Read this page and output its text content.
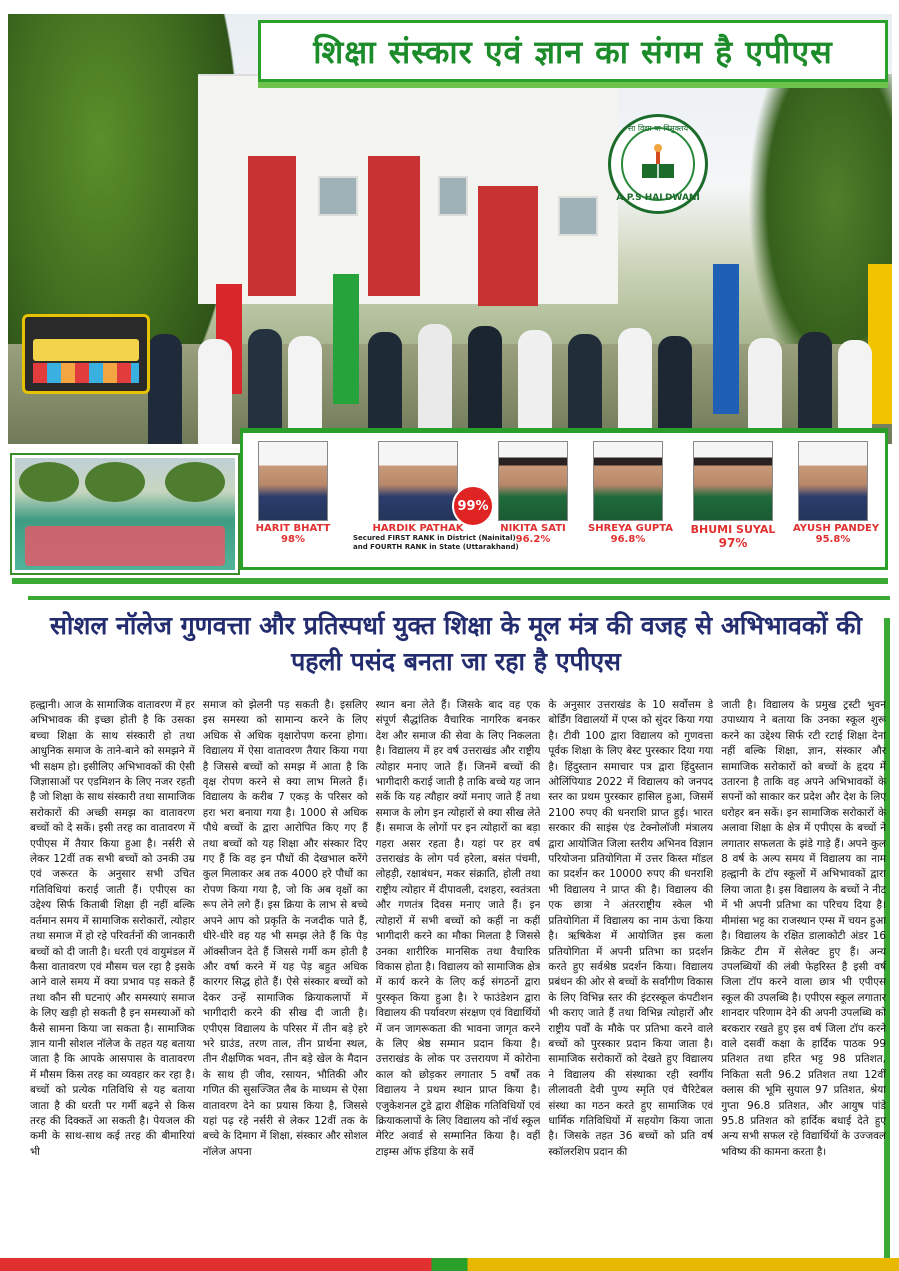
सा विद्या या विमुक्तये
A.P.S HALDWANI
शिक्षा संस्कार एवं ज्ञान का संगम है एपीएस
HARIT BHATT
98%
HARDIK PATHAK
Secured FIRST RANK in District (Nainital)
and FOURTH RANK in State (Uttarakhand)
NIKITA SATI
96.2%
SHREYA GUPTA
96.8%
BHUMI SUYAL
97%
AYUSH PANDEY
95.8%
99%
सोशल नॉलेज गुणवत्ता और प्रतिस्पर्धा युक्त शिक्षा के मूल मंत्र की वजह से अभिभावकों की पहली पसंद बनता जा रहा है एपीएस
हल्द्वानी। आज के सामाजिक वातावरण में हर अभिभावक की इच्छा होती है कि उसका बच्चा शिक्षा के साथ संस्कारी हो तथा आधुनिक समाज के ताने-बाने को समझने में भी सक्षम हो। इसीलिए अभिभावकों की ऐसी जिज्ञासाओं पर एडमिशन के लिए नजर रहती है जो शिक्षा के साथ संस्कारी तथा सामाजिक सरोकारों की अच्छी समझ का वातावरण बच्चों को दे सकें। इसी तरह का वातावरण में एपीएस में तैयार किया हुआ है। नर्सरी से लेकर 12वीं तक सभी बच्चों को उनकी उम्र एवं जरूरत के अनुसार सभी उचित गतिविधियां कराई जाती हैं। एपीएस का उद्देश्य सिर्फ किताबी शिक्षा ही नहीं बल्कि वर्तमान समय में सामाजिक सरोकारों, त्योहार तथा समाज में हो रहे परिवर्तनों की जानकारी बच्चों को दी जाती है। धरती एवं वायुमंडल में कैसा वातावरण एवं मौसम चल रहा है इसके आने वाले समय में क्या प्रभाव पड़ सकते हैं तथा कौन सी घटनाएं और समस्याएं समाज के लिए खड़ी हो सकती है इन समस्याओं को कैसे सामना किया जा सकता है। सामाजिक ज्ञान यानी सोशल नॉलेज के तहत यह बताया जाता है कि आपके आसपास के वातावरण में मौसम किस तरह का व्यवहार कर रहा है। बच्चों को प्रत्येक गतिविधि से यह बताया जाता है की धरती पर गर्मी बढ़ने से किस तरह की दिक्कतें आ सकती है। पेयजल की कमी के साथ-साथ कई तरह की बीमारियां भी
समाज को झेलनी पड़ सकती है। इसलिए इस समस्या को सामान्य करने के लिए अधिक से अधिक वृक्षारोपण करना होगा। विद्यालय में ऐसा वातावरण तैयार किया गया है जिससे बच्चों को समझ में आता है कि वृक्ष रोपण करने से क्या लाभ मिलते हैं। विद्यालय के करीब 7 एकड़ के परिसर को हरा भरा बनाया गया है। 1000 से अधिक पौधे बच्चों के द्वारा आरोपित किए गए हैं तथा बच्चों को यह शिक्षा और संस्कार दिए गए हैं कि वह इन पौधों की देखभाल करेंगे कुल मिलाकर अब तक 4000 हरे पौधों का रोपण किया गया है, जो कि अब वृक्षों का रूप लेने लगे हैं। इस क्रिया के लाभ से बच्चे अपने आप को प्रकृति के नजदीक पाते हैं, धीरे-धीरे वह यह भी समझ लेते हैं कि पेड़ ऑक्सीजन देते हैं जिससे गर्मी कम होती है और वर्षा करने में यह पेड़ बहुत अधिक कारगर सिद्ध होते हैं। ऐसे संस्कार बच्चों को देकर उन्हें सामाजिक क्रियाकलापों में भागीदारी करने की सीख दी जाती है। एपीएस विद्यालय के परिसर में तीन बड़े हरे भरे ग्राउंड, तरण ताल, तीन प्रार्थना स्थल, तीन शैक्षणिक भवन, तीन बड़े खेल के मैदान के साथ ही जीव, रसायन, भौतिकी और गणित की सुसज्जित लैब के माध्यम से ऐसा वातावरण देने का प्रयास किया है, जिससे यहां पढ़ रहे नर्सरी से लेकर 12वीं तक के बच्चे के दिमाग में शिक्षा, संस्कार और सोशल नॉलेज अपना
स्थान बना लेते हैं। जिसके बाद वह एक संपूर्ण सैद्धांतिक वैचारिक नागरिक बनकर देश और समाज की सेवा के लिए निकलता है। विद्यालय में हर वर्ष उत्तराखंड और राष्ट्रीय त्योहार मनाए जाते हैं। जिनमें बच्चों की भागीदारी कराई जाती है ताकि बच्चे यह जान सकें कि यह त्यौहार क्यों मनाए जाते हैं तथा समाज के लोग इन त्योहारों से क्या सीख लेते हैं। समाज के लोगों पर इन त्योहारों का बड़ा गहरा असर रहता है। यहां पर हर वर्ष उत्तराखंड के लोग पर्व हरेला, बसंत पंचमी, लोहड़ी, रक्षाबंधन, मकर संक्राति, होली तथा राष्ट्रीय त्योहार में दीपावली, दशहरा, स्वतंत्रता और गणतंत्र दिवस मनाए जाते हैं। इन त्योहारों में सभी बच्चों को कहीं ना कहीं भागीदारी करने का मौका मिलता है जिससे उनका शारीरिक मानसिक तथा वैचारिक विकास होता है। विद्यालय को सामाजिक क्षेत्र में कार्य करने के लिए कई संगठनों द्वारा पुरस्कृत किया हुआ है। रे फाउंडेशन द्वारा विद्यालय की पर्यावरण संरक्षण एवं विद्यार्थियों में जन जागरूकता की भावना जागृत करने के लिए श्रेष्ठ सम्मान प्रदान किया है। उत्तराखंड के लोक पर उत्तरायण में कोरोना काल को छोड़कर लगातार 5 वर्षों तक विद्यालय ने प्रथम स्थान प्राप्त किया है। एजुकेशनल टुडे द्वारा शैक्षिक गतिविधियों एवं क्रियाकलापों के लिए विद्यालय को नॉर्थ स्कूल मेरिट अवार्ड से सम्मानित किया है। वहीं टाइम्स ऑफ इंडिया के सर्वे
के अनुसार उत्तराखंड के 10 सर्वोत्तम डे बोर्डिंग विद्यालयों में एप्स को सुंदर किया गया है। टीवी 100 द्वारा विद्यालय को गुणवत्ता पूर्वक शिक्षा के लिए बेस्ट पुरस्कार दिया गया है। हिंदुस्तान समाचार पत्र द्वारा हिंदुस्तान ओलिंपियाड 2022 में विद्यालय को जनपद स्तर का प्रथम पुरस्कार हासिल हुआ, जिसमें 2100 रुपए की धनराशि प्राप्त हुई। भारत सरकार की साइंस एंड टेक्नोलॉजी मंत्रालय द्वारा आयोजित जिला स्तरीय अभिनव विज्ञान परियोजना प्रतियोगिता में उत्तर किस्त मॉडल का प्रदर्शन कर 10000 रुपए की धनराशि भी विद्यालय ने प्राप्त की है। विद्यालय की एक छात्रा ने अंतरराष्ट्रीय स्केल भी प्रतियोगिता में विद्यालय का नाम ऊंचा किया है। ऋषिकेश में आयोजित इस कला प्रतियोगिता में अपनी प्रतिभा का प्रदर्शन करते हुए सर्वश्रेष्ठ प्रदर्शन किया। विद्यालय प्रबंधन की ओर से बच्चों के सर्वांगीण विकास के लिए विभिन्न स्तर की इंटरस्कूल कंपटीशन भी कराए जाते हैं तथा विभिन्न त्योहारों और राष्ट्रीय पर्वों के मौके पर प्रतिभा करने वाले बच्चों को पुरस्कार प्रदान किया जाता है। सामाजिक सरोकारों को देखते हुए विद्यालय ने विद्यालय की संस्थाका रही स्वर्गीय लीलावती देवी पुण्य स्मृति एवं चैरिटेबल संस्था का गठन करते हुए सामाजिक एवं धार्मिक गतिविधियों में सहयोग किया जाता है। जिसके तहत 36 बच्चों को प्रति वर्ष स्कॉलरशिप प्रदान की
जाती है। विद्यालय के प्रमुख ट्रस्टी भुवन उपाध्याय ने बताया कि उनका स्कूल शुरू करने का उद्देश्य सिर्फ रटी रटाई शिक्षा देना नहीं बल्कि शिक्षा, ज्ञान, संस्कार और सामाजिक सरोकारों को बच्चों के हृदय में उतारना है ताकि वह अपने अभिभावकों के सपनों को साकार कर प्रदेश और देश के लिए धरोहर बन सकें। इन सामाजिक सरोकारों के अलावा शिक्षा के क्षेत्र में एपीएस के बच्चों ने लगातार सफलता के झंडे गाड़े हैं। अपने कुल 8 वर्ष के अल्प समय में विद्यालय का नाम हल्द्वानी के टॉप स्कूलों में अभिभावकों द्वारा लिया जाता है। इस विद्यालय के बच्चों ने नीट में भी अपनी प्रतिभा का परिचय दिया है। मीमांसा भट्ट का राजस्थान एम्स में चयन हुआ है। विद्यालय के रक्षित डालाकोटी अंडर 16 क्रिकेट टीम में सेलेक्ट हुए हैं। अन्य उपलब्धियों की लंबी फेहरिस्त है इसी वर्ष जिला टॉप करने वाला छात्र भी एपीएस स्कूल की उपलब्धि है। एपीएस स्कूल लगातार शानदार परिणाम देने की अपनी उपलब्धि को बरकरार रखते हुए इस वर्ष जिला टॉप करने वाले दसवीं कक्षा के हार्दिक पाठक 99 प्रतिशत तथा हरित भट्ट 98 प्रतिशत, निकिता सती 96.2 प्रतिशत तथा 12वीं क्लास की भूमि सुयाल 97 प्रतिशत, श्रेया गुप्ता 96.8 प्रतिशत, और आयुष पांडे 95.8 प्रतिशत को हार्दिक बधाई देते हुए अन्य सभी सफल रहे विद्यार्थियों के उज्जवल भविष्य की कामना करता है।
